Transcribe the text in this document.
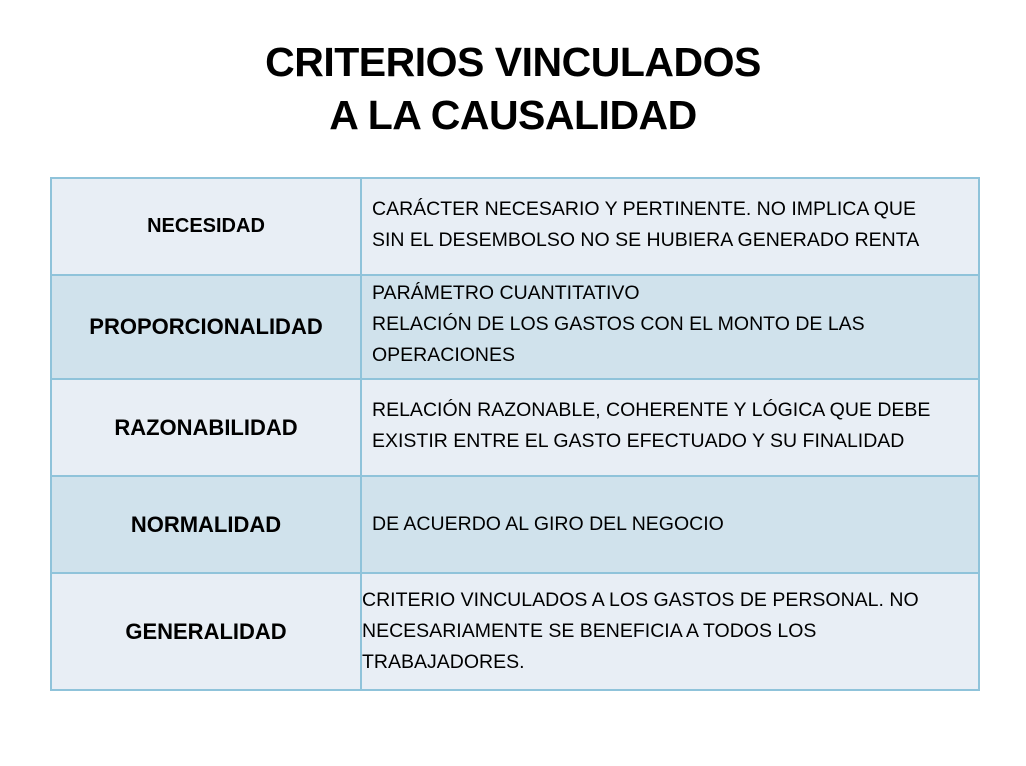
CRITERIOS VINCULADOS
A LA CAUSALIDAD
NECESIDAD
CARÁCTER NECESARIO Y PERTINENTE. NO IMPLICA QUE
SIN EL DESEMBOLSO NO SE HUBIERA GENERADO RENTA
PROPORCIONALIDAD
PARÁMETRO CUANTITATIVO
RELACIÓN DE LOS GASTOS CON EL MONTO DE LAS
OPERACIONES
RAZONABILIDAD
RELACIÓN RAZONABLE, COHERENTE Y LÓGICA QUE DEBE
EXISTIR ENTRE EL GASTO EFECTUADO Y SU FINALIDAD
NORMALIDAD	DE ACUERDO AL GIRO DEL NEGOCIO
GENERALIDAD
CRITERIO VINCULADOS A LOS GASTOS DE PERSONAL. NO
NECESARIAMENTE SE BENEFICIA A TODOS LOS
TRABAJADORES.
